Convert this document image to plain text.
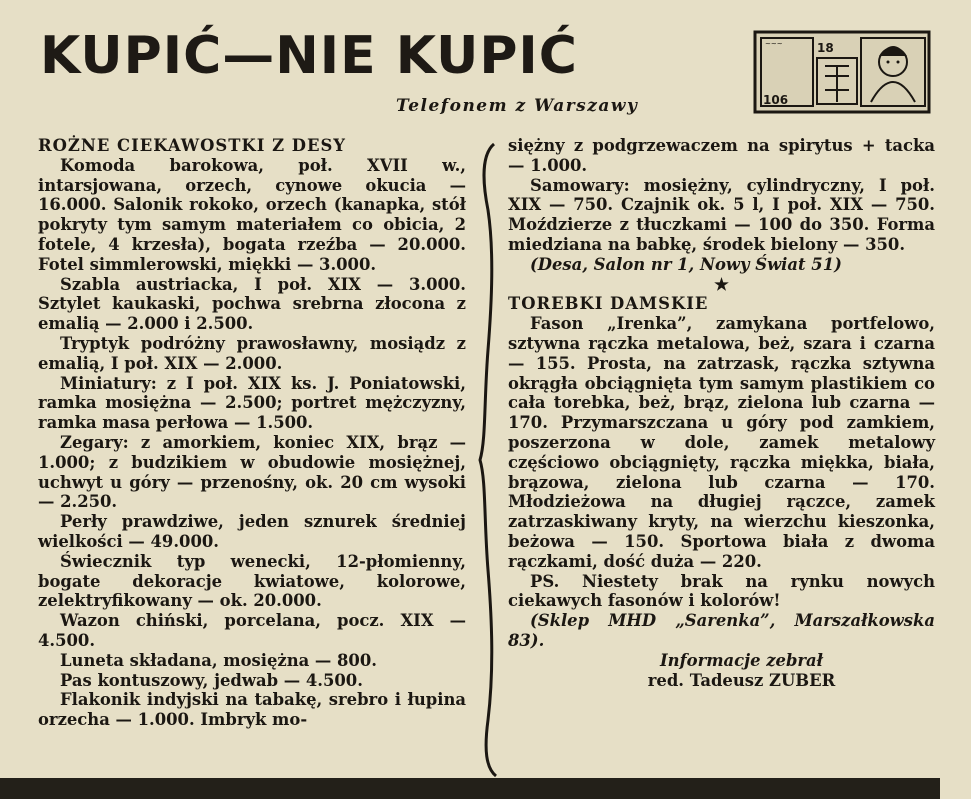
KUPIĆ—NIE KUPIĆ
Telefonem z Warszawy
~~~
106
18

ROŻNE CIEKAWOSTKI Z DESY

Komoda barokowa, poł. XVII w., intarsjowana, orzech, cynowe okucia — 16.000. Salonik rokoko, orzech (kanapka, stół pokryty tym samym materiałem co obicia, 2 fotele, 4 krzesła), bogata rzeźba — 20.000. Fotel simmlerowski, miękki — 3.000.

Szabla austriacka, I poł. XIX — 3.000. Sztylet kaukaski, pochwa srebrna złocona z emalią — 2.000 i 2.500.

Tryptyk podróżny prawosławny, mosiądz z emalią, I poł. XIX — 2.000.

Miniatury: z I poł. XIX ks. J. Poniatowski, ramka mosiężna — 2.500; portret mężczyzny, ramka masa perłowa — 1.500.

Zegary: z amorkiem, koniec XIX, brąz — 1.000; z budzikiem w obudowie mosiężnej, uchwyt u góry — przenośny, ok. 20 cm wysoki — 2.250.

Perły prawdziwe, jeden sznurek średniej wielkości — 49.000.

Świecznik typ wenecki, 12-płomienny, bogate dekoracje kwiatowe, kolorowe, zelektryfikowany — ok. 20.000.

Wazon chiński, porcelana, pocz. XIX — 4.500.

Luneta składana, mosiężna — 800.

Pas kontuszowy, jedwab — 4.500.

Flakonik indyjski na tabakę, srebro i łupina orzecha — 1.000. Imbryk mo-

siężny z podgrzewaczem na spirytus + tacka — 1.000.

Samowary: mosiężny, cylindryczny, I poł. XIX — 750. Czajnik ok. 5 l, I poł. XIX — 750. Moździerze z tłuczkami — 100 do 350. Forma miedziana na babkę, środek bielony — 350.

(Desa, Salon nr 1, Nowy Świat 51)

★

TOREBKI DAMSKIE

Fason „Irenka”, zamykana portfelowo, sztywna rączka metalowa, beż, szara i czarna — 155. Prosta, na zatrzask, rączka sztywna okrągła obciągnięta tym samym plastikiem co cała torebka, beż, brąz, zielona lub czarna — 170. Przymarszczana u góry pod zamkiem, poszerzona w dole, zamek metalowy częściowo obciągnięty, rączka miękka, biała, brązowa, zielona lub czarna — 170. Młodzieżowa na długiej rączce, zamek zatrzaskiwany kryty, na wierzchu kieszonka, beżowa — 150. Sportowa biała z dwoma rączkami, dość duża — 220.

PS. Niestety brak na rynku nowych ciekawych fasonów i kolorów!

(Sklep MHD „Sarenka”, Marszałkowska 83).

Informacje zebrał

red. Tadeusz ZUBER
